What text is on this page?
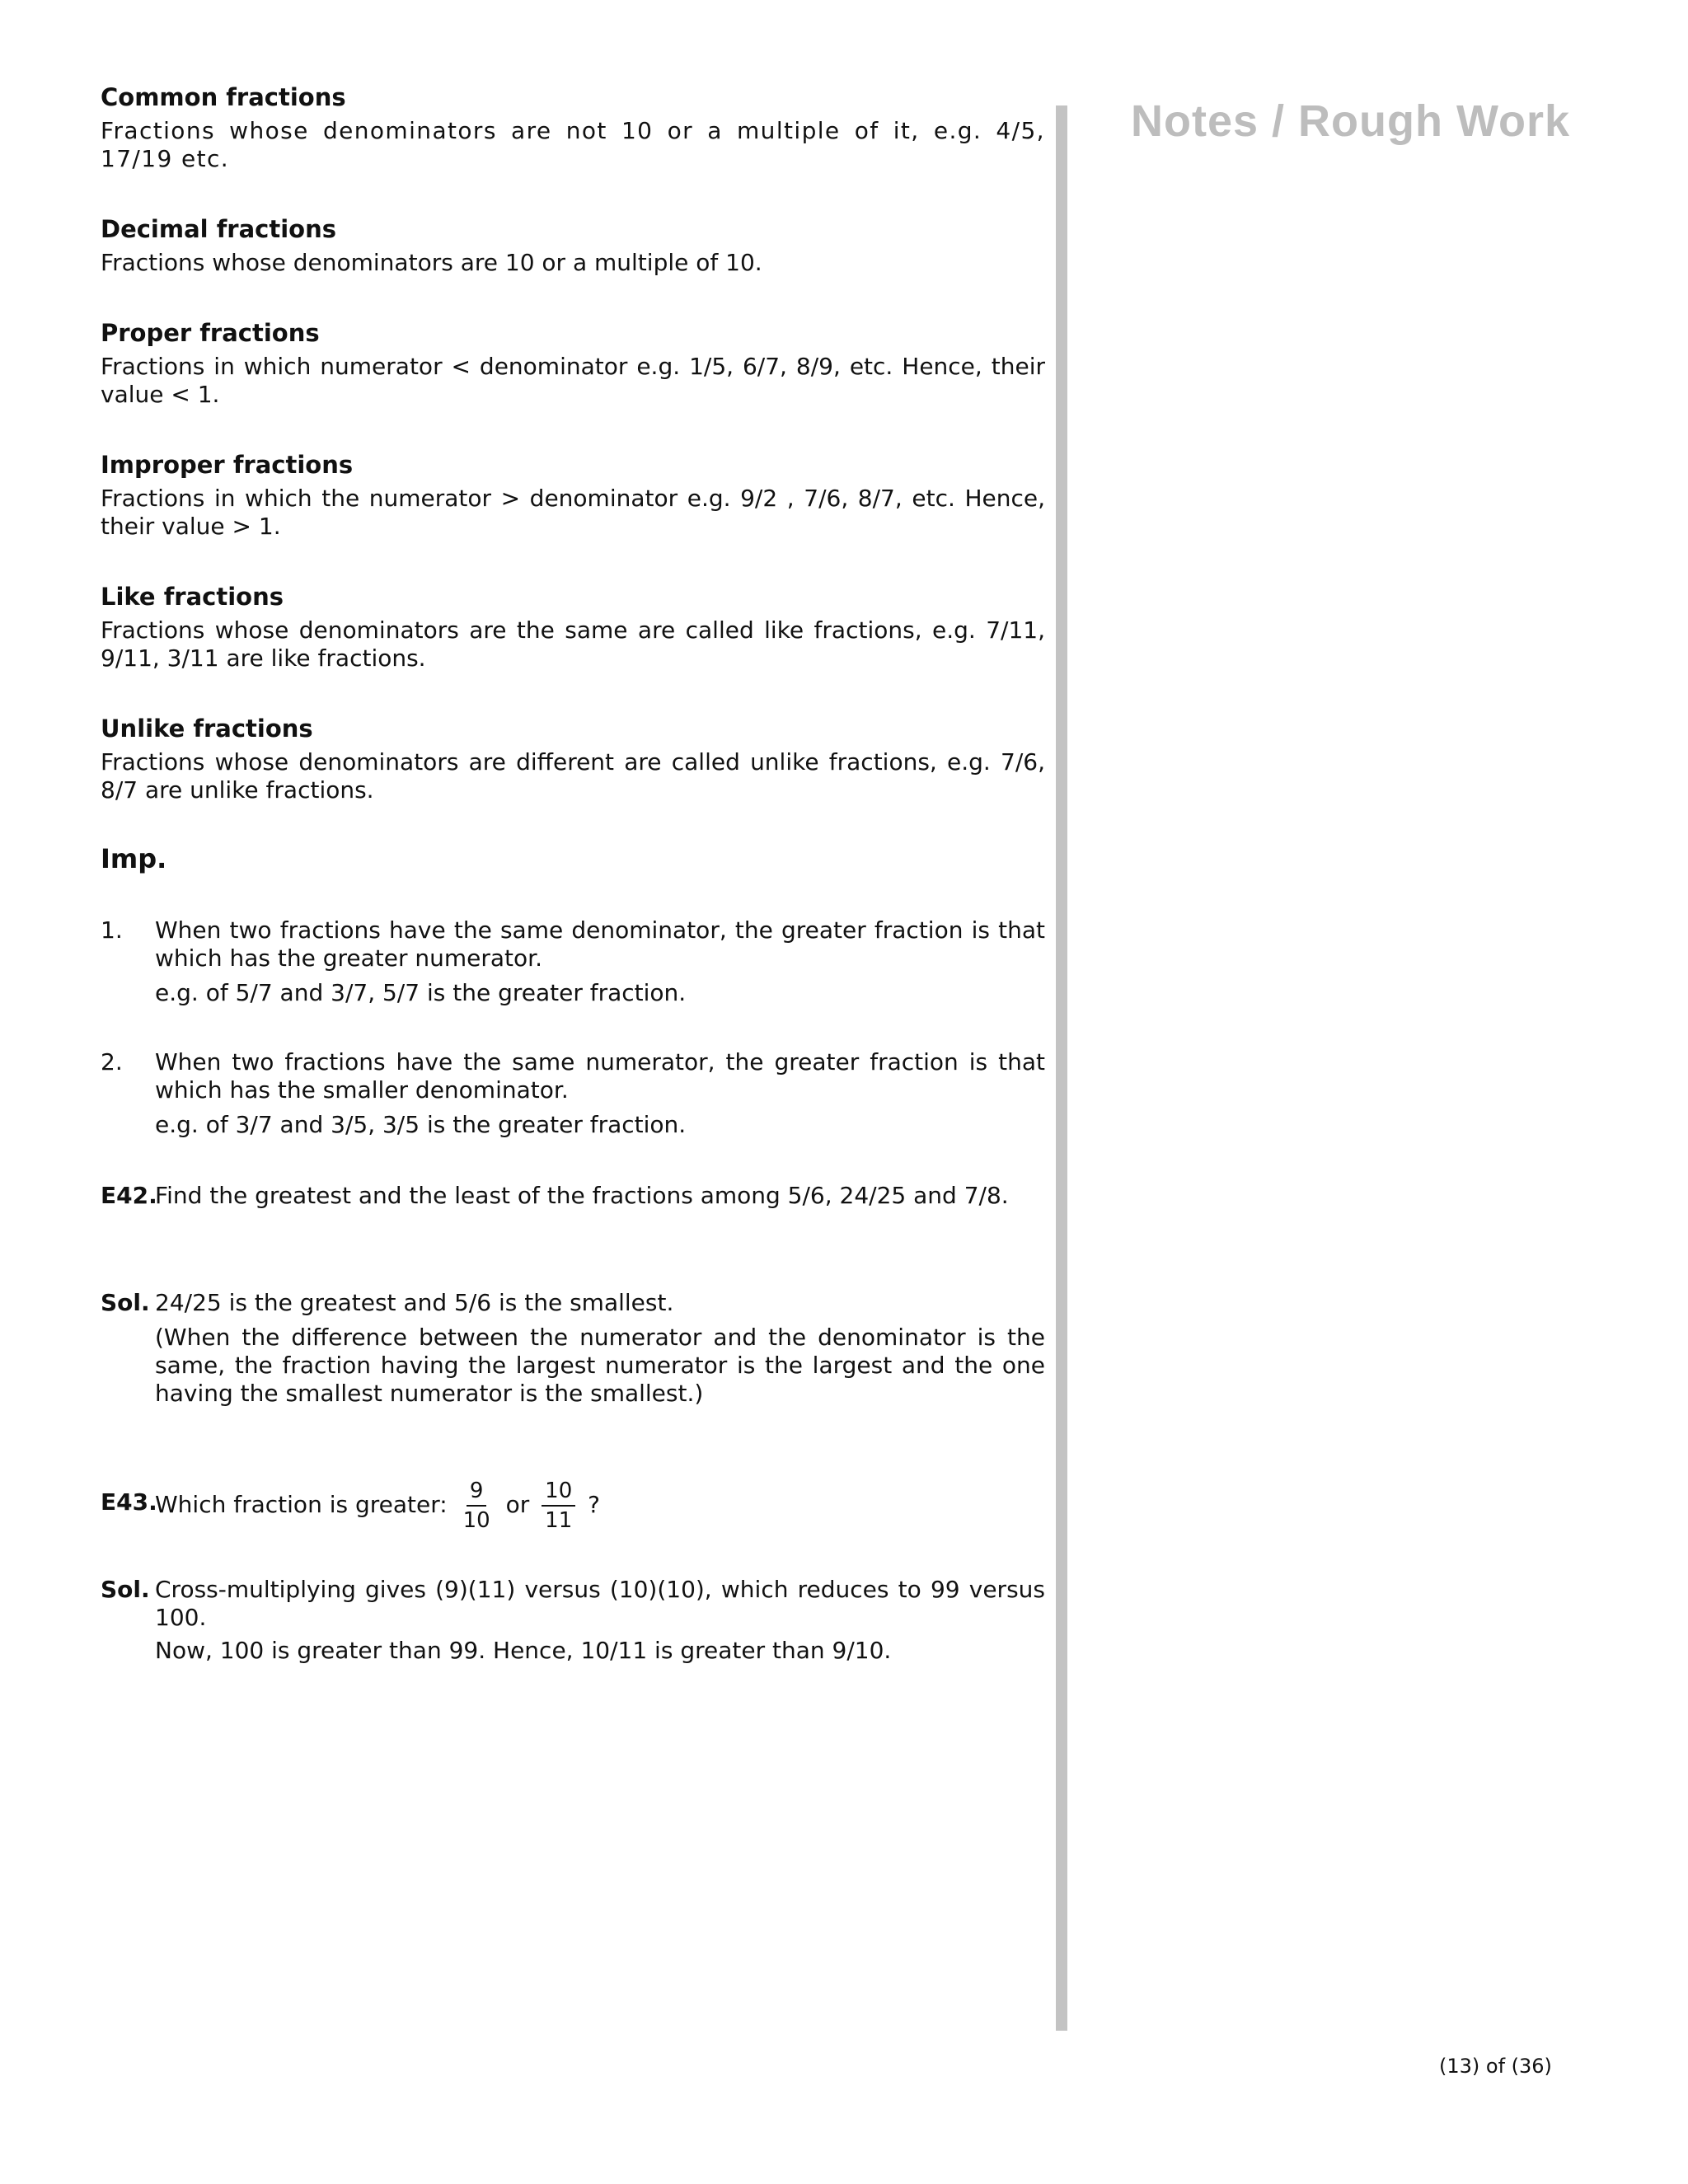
Common fractions

Fractions whose denominators are not 10 or a multiple of it, e.g. 4/5, 17/19 etc.

Decimal fractions

Fractions whose denominators are 10 or a multiple of 10.

Proper fractions

Fractions in which numerator < denominator e.g. 1/5, 6/7, 8/9, etc. Hence, their value < 1.

Improper fractions

Fractions in which the numerator > denominator e.g. 9/2 , 7/6, 8/7, etc. Hence, their value > 1.

Like fractions

Fractions whose denominators are the same are called like fractions, e.g. 7/11, 9/11, 3/11 are like fractions.

Unlike fractions

Fractions whose denominators are different are called unlike fractions, e.g. 7/6, 8/7 are unlike fractions.

Imp.

1. When two fractions have the same denominator, the greater fraction is that which has the greater numerator.

e.g. of 5/7 and 3/7, 5/7 is the greater fraction.

2. When two fractions have the same numerator, the greater fraction is that which has the smaller denominator.

e.g. of 3/7 and 3/5, 3/5 is the greater fraction.

E42.

Find the greatest and the least of the fractions among 5/6, 24/25 and 7/8.

Sol. 24/25 is the greatest and 5/6 is the smallest.

(When the difference between the numerator and the denominator is the same, the fraction having the largest numerator is the largest and the one having the smallest numerator is the smallest.)

E43.

Which fraction is greater: $\frac{9}{10}$ or $\frac{10}{11}$ ?

Sol. Cross-multiplying gives (9)(11) versus (10)(10), which reduces to 99 versus 100.

Now, 100 is greater than 99. Hence, 10/11 is greater than 9/10.

Notes / Rough Work
(13) of (36)
